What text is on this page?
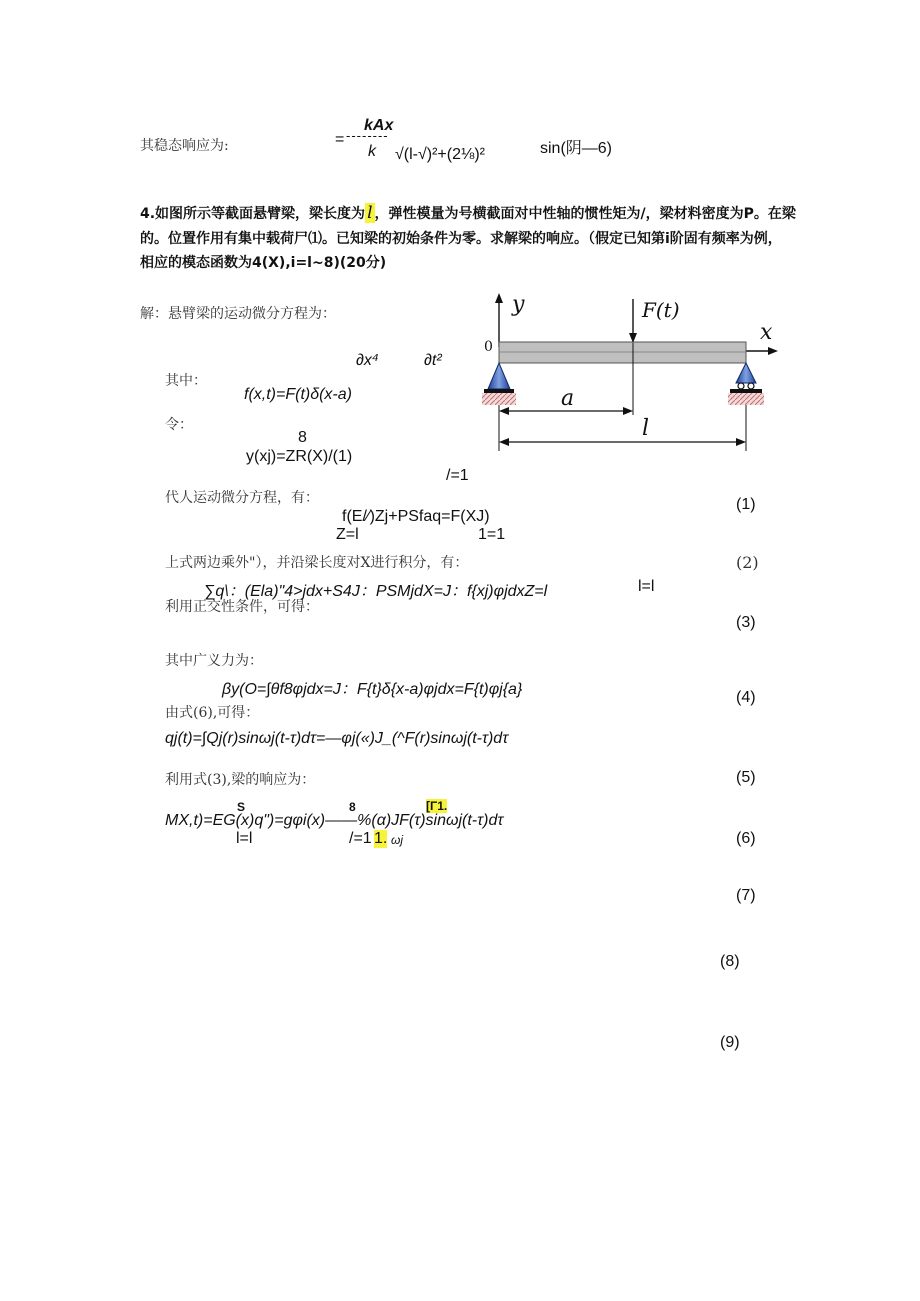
其稳态响应为:	=
kAx
--------
k √(l-√)²+(2⅛)²	sin(阴—6)
4.如图所示等截面悬臂梁，梁长度为 l ，弹性模量为号横截面对中性轴的惯性矩为/，梁材料密度为P。在梁
的。位置作用有集中载荷尸⑴。已知梁的初始条件为零。求解梁的响应。（假定已知第i阶固有频率为例，
相应的模态函数为4(X),i=l~8)(20分)
解：悬臂梁的运动微分方程为：
∂x⁴	∂t²
其中：
f(x,t)=F(t)δ(x-a)
令：
8
y(xj)=ZR(X)/(1)
/=1
代人运动微分方程，有：
f(E/∕)Zj+PSfaq=F(XJ)
Z=l	1=1
上式两边乘外"），并沿梁长度对X进行积分，有：
∑q\：(Ela)"4>jdx+S4J：PSMjdX=J：f{xj)φjdxZ=l	l=l
利用正交性条件，可得：
其中广义力为：
βy(O=∫θf8φjdx=J：F{t}δ{x-a)φjdx=F{t)φj{a}
由式(6),可得：
qj(t)=∫Qj(r)sinωj(t-τ)dτ=—φj(«)J_(^F(r)sinωj(t-τ)dτ
利用式(3),梁的响应为：
S	8	[Γ1.
MX,t)=EG(x)q")=gφi(x)——%(α)JF(τ)sinωj(t-τ)dτ
l=l	/=1 1. ωj
(1)
(2)
(3)
(4)
(5)
(6)
(7)
(8)
(9)
y
x
0
F(t)
a
l
